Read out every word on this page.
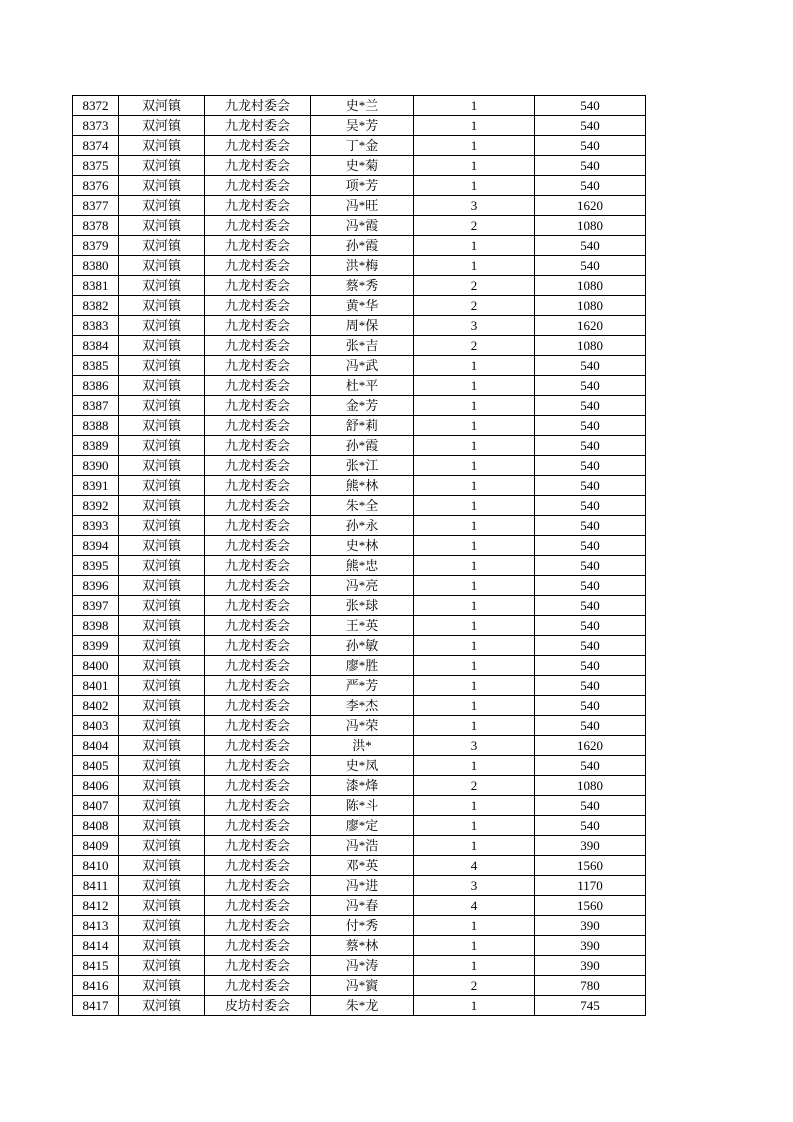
8372	双河镇	九龙村委会	史*兰	1	540
8373	双河镇	九龙村委会	吴*芳	1	540
8374	双河镇	九龙村委会	丁*金	1	540
8375	双河镇	九龙村委会	史*菊	1	540
8376	双河镇	九龙村委会	项*芳	1	540
8377	双河镇	九龙村委会	冯*旺	3	1620
8378	双河镇	九龙村委会	冯*霞	2	1080
8379	双河镇	九龙村委会	孙*霞	1	540
8380	双河镇	九龙村委会	洪*梅	1	540
8381	双河镇	九龙村委会	蔡*秀	2	1080
8382	双河镇	九龙村委会	黄*华	2	1080
8383	双河镇	九龙村委会	周*保	3	1620
8384	双河镇	九龙村委会	张*吉	2	1080
8385	双河镇	九龙村委会	冯*武	1	540
8386	双河镇	九龙村委会	杜*平	1	540
8387	双河镇	九龙村委会	金*芳	1	540
8388	双河镇	九龙村委会	舒*莉	1	540
8389	双河镇	九龙村委会	孙*霞	1	540
8390	双河镇	九龙村委会	张*江	1	540
8391	双河镇	九龙村委会	熊*林	1	540
8392	双河镇	九龙村委会	朱*全	1	540
8393	双河镇	九龙村委会	孙*永	1	540
8394	双河镇	九龙村委会	史*林	1	540
8395	双河镇	九龙村委会	熊*忠	1	540
8396	双河镇	九龙村委会	冯*亮	1	540
8397	双河镇	九龙村委会	张*球	1	540
8398	双河镇	九龙村委会	王*英	1	540
8399	双河镇	九龙村委会	孙*敏	1	540
8400	双河镇	九龙村委会	廖*胜	1	540
8401	双河镇	九龙村委会	严*芳	1	540
8402	双河镇	九龙村委会	李*杰	1	540
8403	双河镇	九龙村委会	冯*荣	1	540
8404	双河镇	九龙村委会	洪*	3	1620
8405	双河镇	九龙村委会	史*凤	1	540
8406	双河镇	九龙村委会	漆*烽	2	1080
8407	双河镇	九龙村委会	陈*斗	1	540
8408	双河镇	九龙村委会	廖*定	1	540
8409	双河镇	九龙村委会	冯*浩	1	390
8410	双河镇	九龙村委会	邓*英	4	1560
8411	双河镇	九龙村委会	冯*进	3	1170
8412	双河镇	九龙村委会	冯*春	4	1560
8413	双河镇	九龙村委会	付*秀	1	390
8414	双河镇	九龙村委会	蔡*林	1	390
8415	双河镇	九龙村委会	冯*涛	1	390
8416	双河镇	九龙村委会	冯*賨	2	780
8417	双河镇	皮坊村委会	朱*龙	1	745
